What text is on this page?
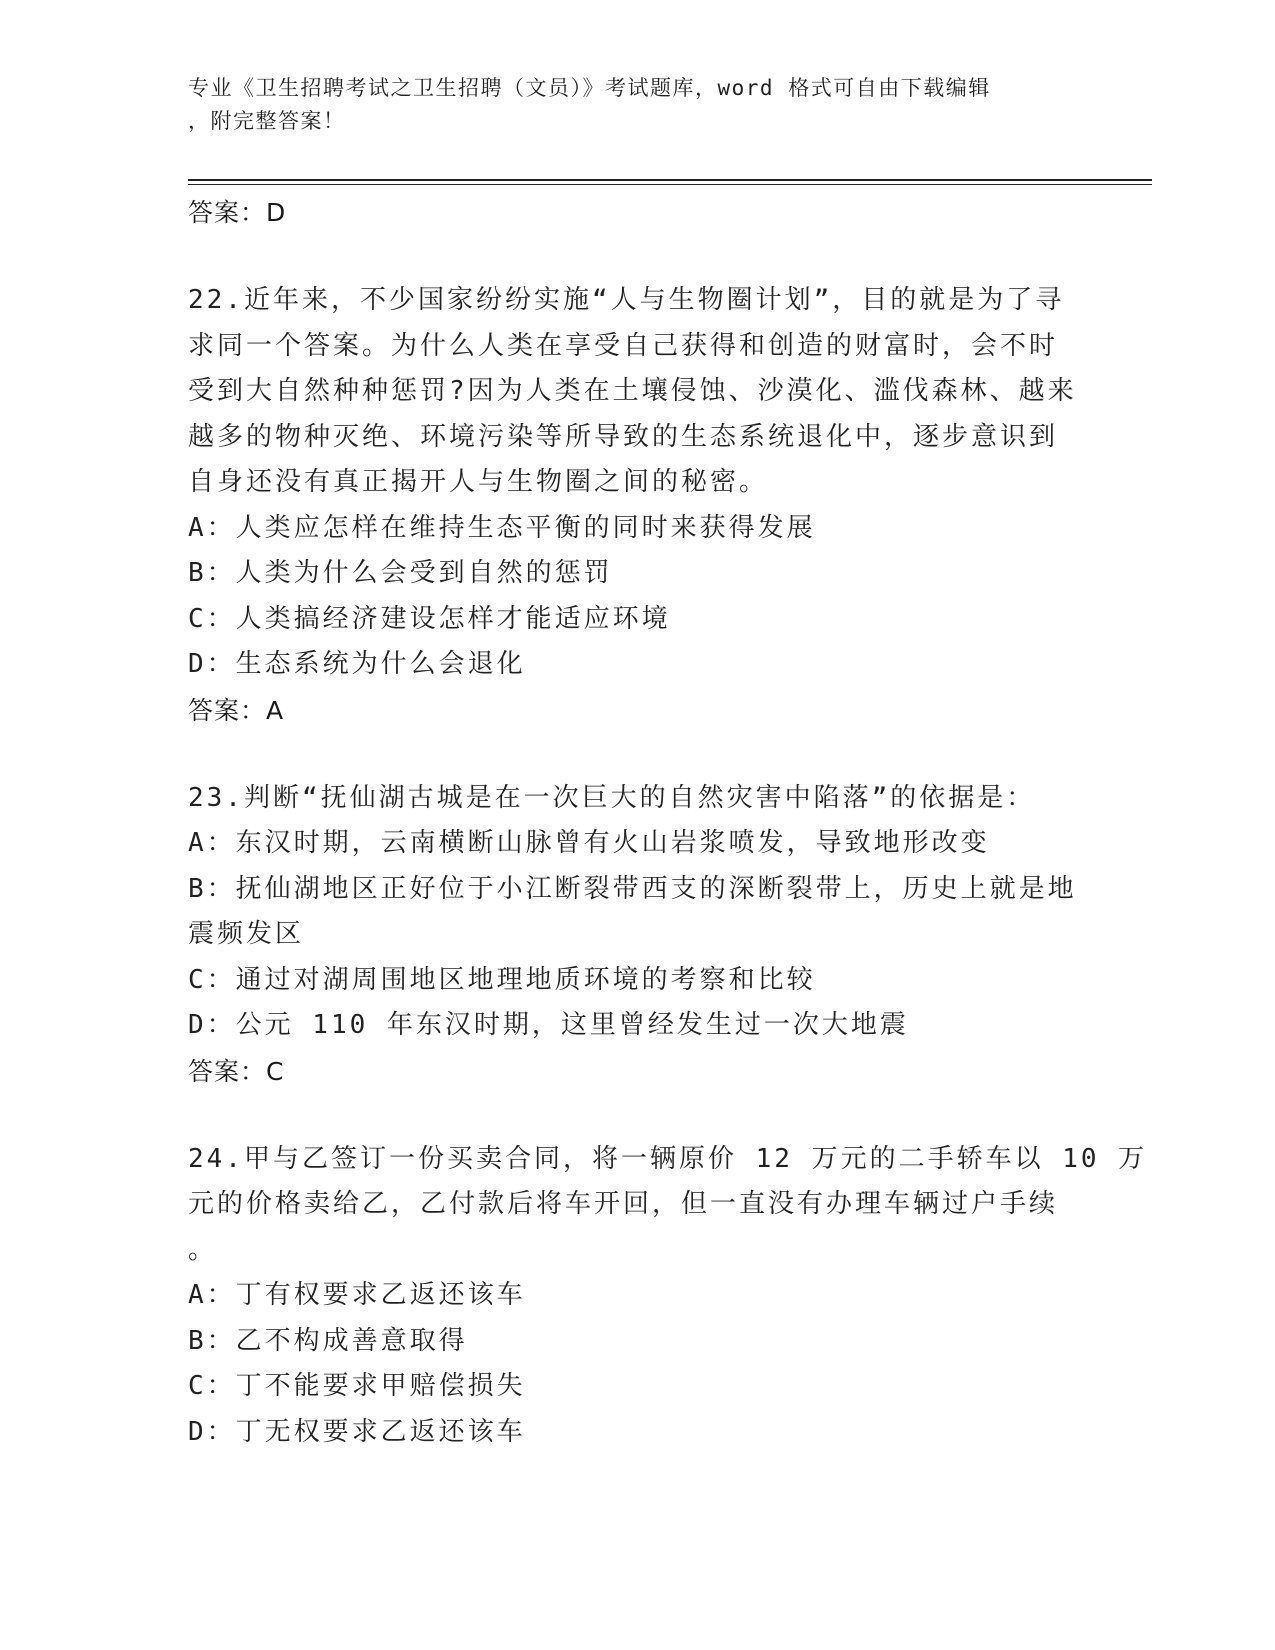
专业《卫生招聘考试之卫生招聘（文员）》考试题库，word 格式可自由下载编辑
，附完整答案！
答案：D
22.近年来，不少国家纷纷实施“人与生物圈计划”，目的就是为了寻
求同一个答案。为什么人类在享受自己获得和创造的财富时，会不时
受到大自然种种惩罚?因为人类在土壤侵蚀、沙漠化、滥伐森林、越来
越多的物种灭绝、环境污染等所导致的生态系统退化中，逐步意识到
自身还没有真正揭开人与生物圈之间的秘密。
A：人类应怎样在维持生态平衡的同时来获得发展
B：人类为什么会受到自然的惩罚
C：人类搞经济建设怎样才能适应环境
D：生态系统为什么会退化
答案：A
23.判断“抚仙湖古城是在一次巨大的自然灾害中陷落”的依据是：
A：东汉时期，云南横断山脉曾有火山岩浆喷发，导致地形改变
B：抚仙湖地区正好位于小江断裂带西支的深断裂带上，历史上就是地
震频发区
C：通过对湖周围地区地理地质环境的考察和比较
D：公元 110 年东汉时期，这里曾经发生过一次大地震
答案：C
24.甲与乙签订一份买卖合同，将一辆原价 12 万元的二手轿车以 10 万
元的价格卖给乙，乙付款后将车开回，但一直没有办理车辆过户手续
。
A：丁有权要求乙返还该车
B：乙不构成善意取得
C：丁不能要求甲赔偿损失
D：丁无权要求乙返还该车
